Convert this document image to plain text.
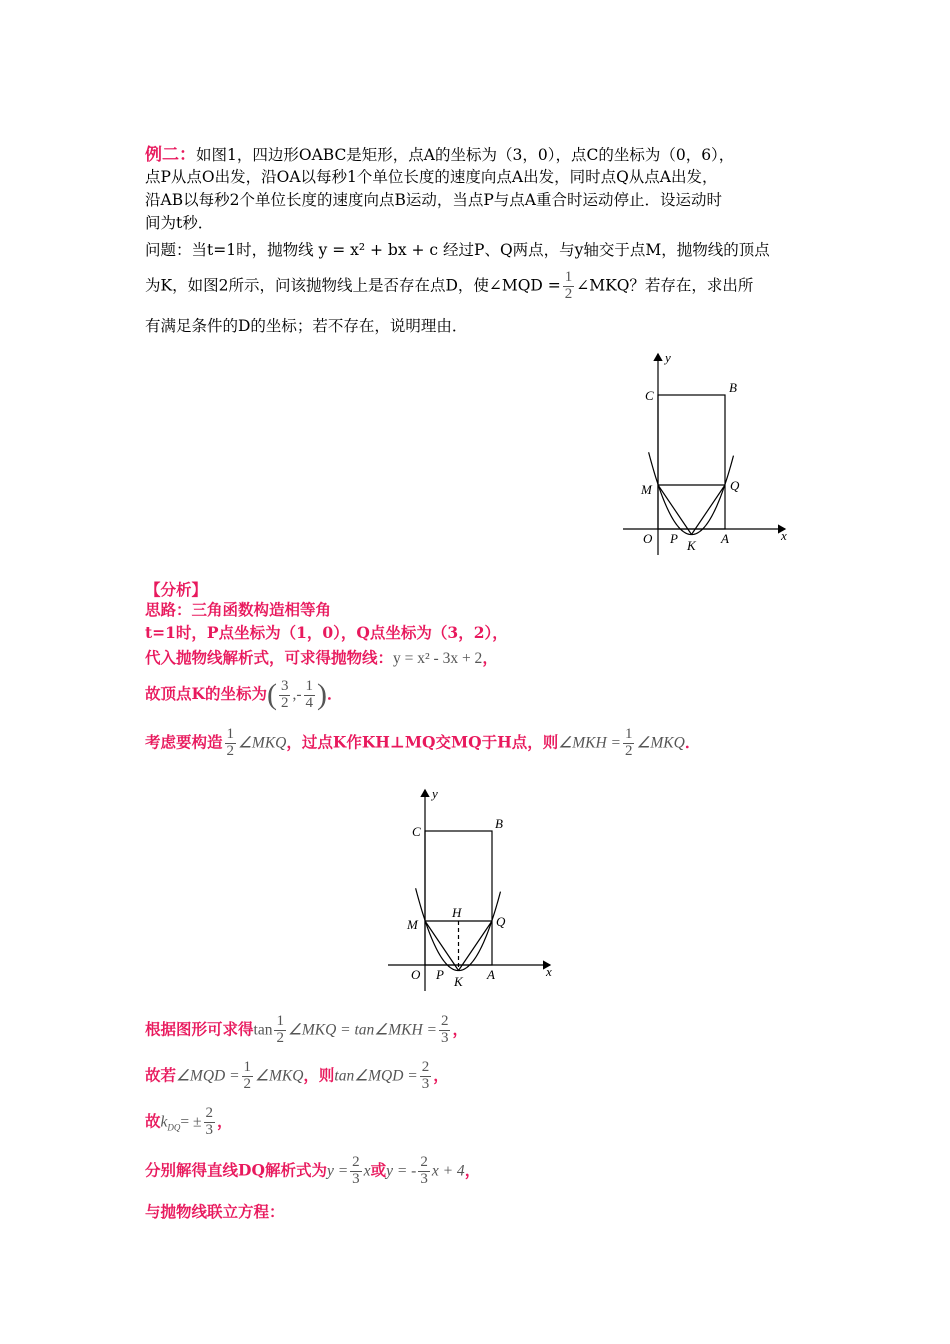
例二：如图1，四边形OABC是矩形，点A的坐标为（3，0），点C的坐标为（0，6），
点P从点O出发，沿OA以每秒1个单位长度的速度向点A出发，同时点Q从点A出发，
沿AB以每秒2个单位长度的速度向点B运动，当点P与点A重合时运动停止．设运动时
间为t秒．
问题：当t=1时，抛物线 y = x² + bx + c 经过P、Q两点，与y轴交于点M，抛物线的顶点
为K，如图2所示，问该抛物线上是否存在点D，使∠MQD = $\frac{1}{2}$ ∠MKQ？若存在，求出所
有满足条件的D的坐标；若不存在，说明理由．
y
x
C
B
M	Q
O P K A
【分析】
思路：三角函数构造相等角
t=1时，P点坐标为（1，0），Q点坐标为（3，2），
代入抛物线解析式，可求得抛物线：y = x² - 3x + 2，
故顶点K的坐标为( $\frac{3}{2}$ ,- $\frac{1}{4}$ )．
考虑要构造 $\frac{1}{2}$ ∠MKQ，过点K作KH⊥MQ交MQ于H点，则∠MKH = $\frac{1}{2}$ ∠MKQ．
y
x
C
B
M	Q
H
O P K A
根据图形可求得$\tan \frac{1}{2}$ ∠MKQ = tan∠MKH = $\frac{2}{3}$ ，
故若∠MQD = $\frac{1}{2}$ ∠MKQ，则tan∠MQD = $\frac{2}{3}$ ，
故$k_{DQ}= \pm \frac{2}{3}$ ，
分别解得直线DQ解析式为$y = \frac{2}{3}$ x或y = - $\frac{2}{3}$ x + 4，
与抛物线联立方程：
